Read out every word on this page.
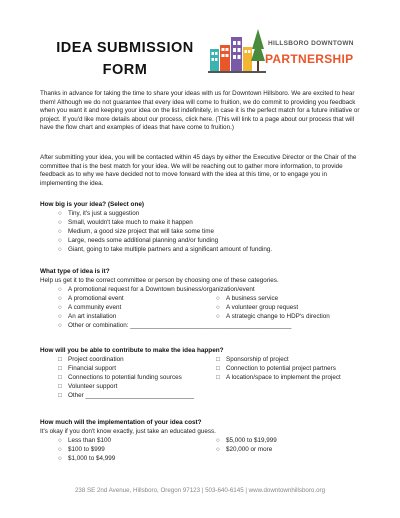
IDEA SUBMISSION
FORM
HILLSBORO DOWNTOWN
PARTNERSHIP
Thanks in advance for taking the time to share your ideas with us for Downtown Hillsboro. We are excited to hear them! Although we do not guarantee that every idea will come to fruition, we do commit to providing you feedback when you want it and keeping your idea on the list indefinitely, in case it is the perfect match for a future initiative or project. If you'd like more details about our process, click here. (This will link to a page about our process that will have the flow chart and examples of ideas that have come to fruition.)
After submitting your idea, you will be contacted within 45 days by either the Executive Director or the Chair of the committee that is the best match for your idea. We will be reaching out to gather more information, to provide feedback as to why we have decided not to move forward with the idea at this time, or to engage you in implementing the idea.
How big is your idea? (Select one)
○ Tiny, it's just a suggestion
○ Small, wouldn't take much to make it happen
○ Medium, a good size project that will take some time
○ Large, needs some additional planning and/or funding
○ Giant, going to take multiple partners and a significant amount of funding.
What type of idea is it?
Help us get it to the correct committee or person by choosing one of these categories.
○ A promotional request for a Downtown business/organization/event
○ A promotional event
○ A community event
○ An art installation
○ A business service
○ A volunteer group request
○ A strategic change to HDP's direction
○ Other or combination: ______________________________________________
How will you be able to contribute to make the idea happen?
□ Project coordination
□ Financial support
□ Connections to potential funding sources
□ Volunteer support
□ Other _______________________________
□ Sponsorship of project
□ Connection to potential project partners
□ A location/space to implement the project
How much will the implementation of your idea cost?
It's okay if you don't know exactly, just take an educated guess.
○ Less than $100
○ $100 to $999
○ $1,000 to $4,999
○ $5,000 to $19,999
○ $20,000 or more
238 SE 2nd Avenue, Hillsboro, Oregon 97123 | 503-640-6145 | www.downtownhillsboro.org
